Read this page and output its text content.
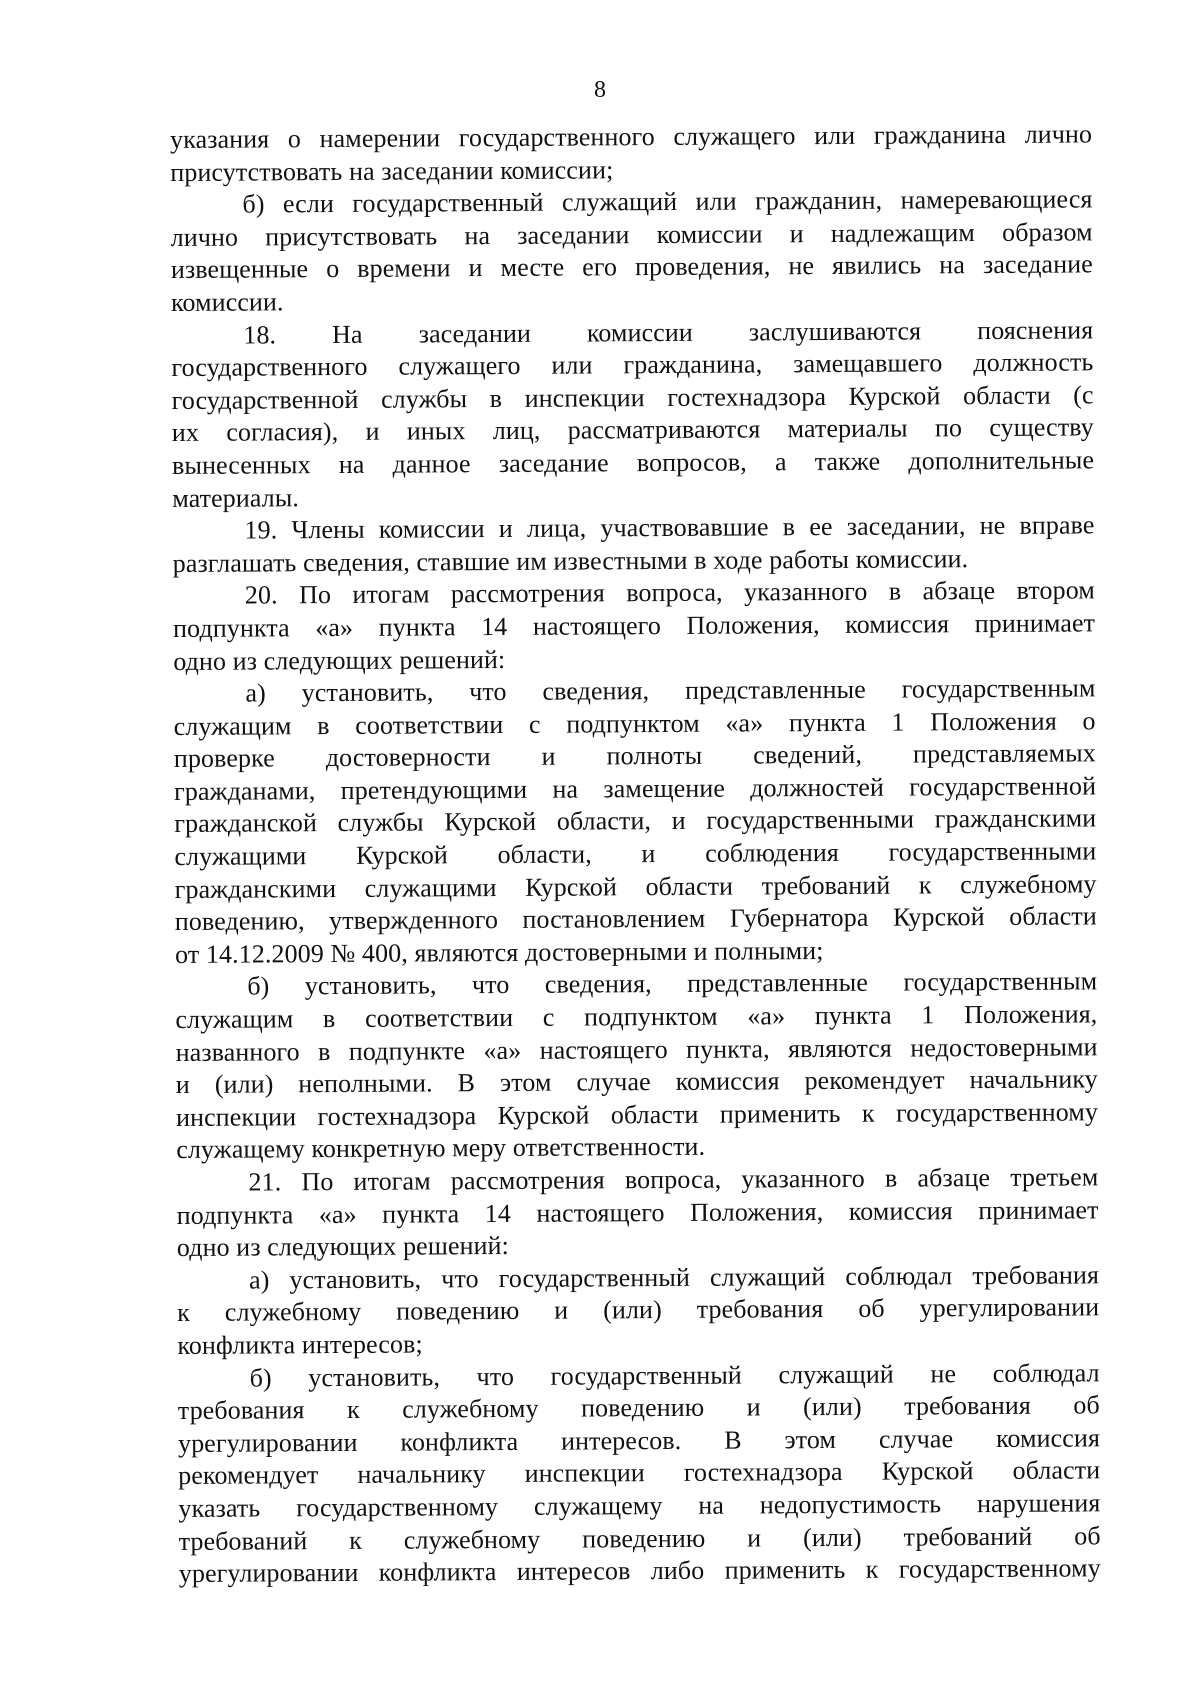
8
указания о намерении государственного служащего или гражданина лично
присутствовать на заседании комиссии;
б) если государственный служащий или гражданин, намеревающиеся
лично присутствовать на заседании комиссии и надлежащим образом
извещенные о времени и месте его проведения, не явились на заседание
комиссии.
18. На заседании комиссии заслушиваются пояснения
государственного служащего или гражданина, замещавшего должность
государственной службы в инспекции гостехнадзора Курской области (с
их согласия), и иных лиц, рассматриваются материалы по существу
вынесенных на данное заседание вопросов, а также дополнительные
материалы.
19. Члены комиссии и лица, участвовавшие в ее заседании, не вправе
разглашать сведения, ставшие им известными в ходе работы комиссии.
20. По итогам рассмотрения вопроса, указанного в абзаце втором
подпункта «а» пункта 14 настоящего Положения, комиссия принимает
одно из следующих решений:
а) установить, что сведения, представленные государственным
служащим в соответствии с подпунктом «а» пункта 1 Положения о
проверке достоверности и полноты сведений, представляемых
гражданами, претендующими на замещение должностей государственной
гражданской службы Курской области, и государственными гражданскими
служащими Курской области, и соблюдения государственными
гражданскими служащими Курской области требований к служебному
поведению, утвержденного постановлением Губернатора Курской области
от 14.12.2009 № 400, являются достоверными и полными;
б) установить, что сведения, представленные государственным
служащим в соответствии с подпунктом «а» пункта 1 Положения,
названного в подпункте «а» настоящего пункта, являются недостоверными
и (или) неполными. В этом случае комиссия рекомендует начальнику
инспекции гостехнадзора Курской области применить к государственному
служащему конкретную меру ответственности.
21. По итогам рассмотрения вопроса, указанного в абзаце третьем
подпункта «а» пункта 14 настоящего Положения, комиссия принимает
одно из следующих решений:
а) установить, что государственный служащий соблюдал требования
к служебному поведению и (или) требования об урегулировании
конфликта интересов;
б) установить, что государственный служащий не соблюдал
требования к служебному поведению и (или) требования об
урегулировании конфликта интересов. В этом случае комиссия
рекомендует начальнику инспекции гостехнадзора Курской области
указать государственному служащему на недопустимость нарушения
требований к служебному поведению и (или) требований об
урегулировании конфликта интересов либо применить к государственному
